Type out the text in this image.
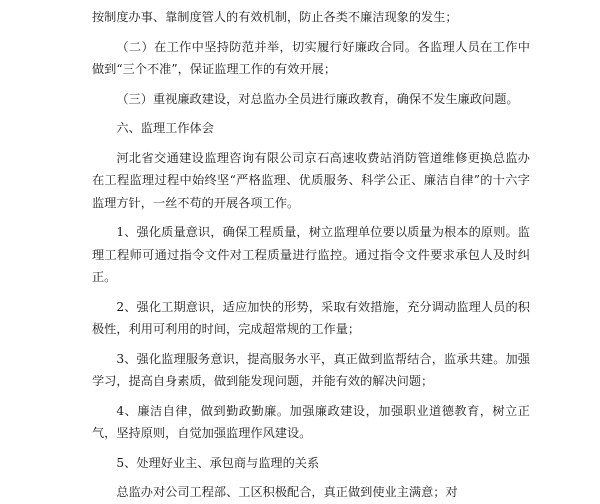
按制度办事、靠制度管人的有效机制，防止各类不廉洁现象的发生；

（二）在工作中坚持防范并举，切实履行好廉政合同。各监理人员在工作中做到“三个不准”，保证监理工作的有效开展；

（三）重视廉政建设，对总监办全员进行廉政教育，确保不发生廉政问题。

六、监理工作体会

河北省交通建设监理咨询有限公司京石高速收费站消防管道维修更换总监办在工程监理过程中始终坚“严格监理、优质服务、科学公正、廉洁自律”的十六字监理方针，一丝不苟的开展各项工作。

1、强化质量意识，确保工程质量，树立监理单位要以质量为根本的原则。监理工程师可通过指令文件对工程质量进行监控。通过指令文件要求承包人及时纠正。

2、强化工期意识，适应加快的形势，采取有效措施，充分调动监理人员的积极性，利用可利用的时间，完成超常规的工作量；

3、强化监理服务意识，提高服务水平，真正做到监帮结合，监承共建。加强学习，提高自身素质，做到能发现问题，并能有效的解决问题；

4、廉洁自律，做到勤政勤廉。加强廉政建设，加强职业道德教育，树立正气，坚持原则，自觉加强监理作风建设。

5、处理好业主、承包商与监理的关系

总监办对公司工程部、工区积极配合，真正做到使业主满意；对
